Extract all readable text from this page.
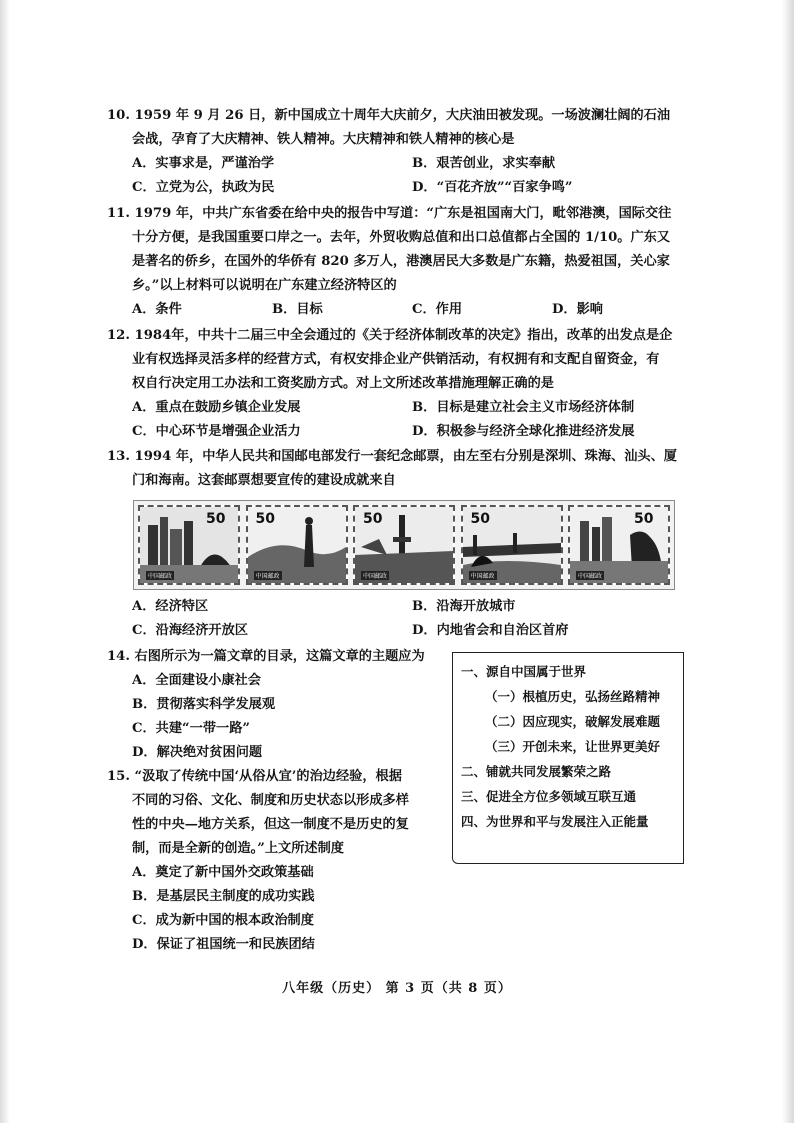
10. 1959 年 9 月 26 日，新中国成立十周年大庆前夕，大庆油田被发现。一场波澜壮阔的石油
会战，孕育了大庆精神、铁人精神。大庆精神和铁人精神的核心是
A．实事求是，严谨治学	B．艰苦创业，求实奉献
C．立党为公，执政为民	D．“百花齐放”“百家争鸣”
11. 1979 年，中共广东省委在给中央的报告中写道：“广东是祖国南大门，毗邻港澳，国际交往
十分方便，是我国重要口岸之一。去年，外贸收购总值和出口总值都占全国的 1/10。广东又
是著名的侨乡，在国外的华侨有 820 多万人，港澳居民大多数是广东籍，热爱祖国，关心家
乡。”以上材料可以说明在广东建立经济特区的
A．条件	B．目标	C．作用	D．影响
12. 1984年，中共十二届三中全会通过的《关于经济体制改革的决定》指出，改革的出发点是企
业有权选择灵活多样的经营方式，有权安排企业产供销活动，有权拥有和支配自留资金，有
权自行决定用工办法和工资奖励方式。对上文所述改革措施理解正确的是
A．重点在鼓励乡镇企业发展	B．目标是建立社会主义市场经济体制
C．中心环节是增强企业活力	D．积极参与经济全球化推进经济发展
13. 1994 年，中华人民共和国邮电部发行一套纪念邮票，由左至右分别是深圳、珠海、汕头、厦
门和海南。这套邮票想要宣传的建设成就来自
50
中国邮政
50
中国邮政
50
中国邮政
50
中国邮政
50
中国邮政
A．经济特区	B．沿海开放城市
C．沿海经济开放区	D．内地省会和自治区首府
14. 右图所示为一篇文章的目录，这篇文章的主题应为
A．全面建设小康社会
B．贯彻落实科学发展观
C．共建“一带一路”
D．解决绝对贫困问题
一、源自中国属于世界
（一）根植历史，弘扬丝路精神
（二）因应现实，破解发展难题
（三）开创未来，让世界更美好
二、铺就共同发展繁荣之路
三、促进全方位多领域互联互通
四、为世界和平与发展注入正能量
15. “汲取了传统中国‘从俗从宜’的治边经验，根据
不同的习俗、文化、制度和历史状态以形成多样
性的中央—地方关系，但这一制度不是历史的复
制，而是全新的创造。”上文所述制度
A．奠定了新中国外交政策基础
B．是基层民主制度的成功实践
C．成为新中国的根本政治制度
D．保证了祖国统一和民族团结
八年级（历史） 第 3 页（共 8 页）
